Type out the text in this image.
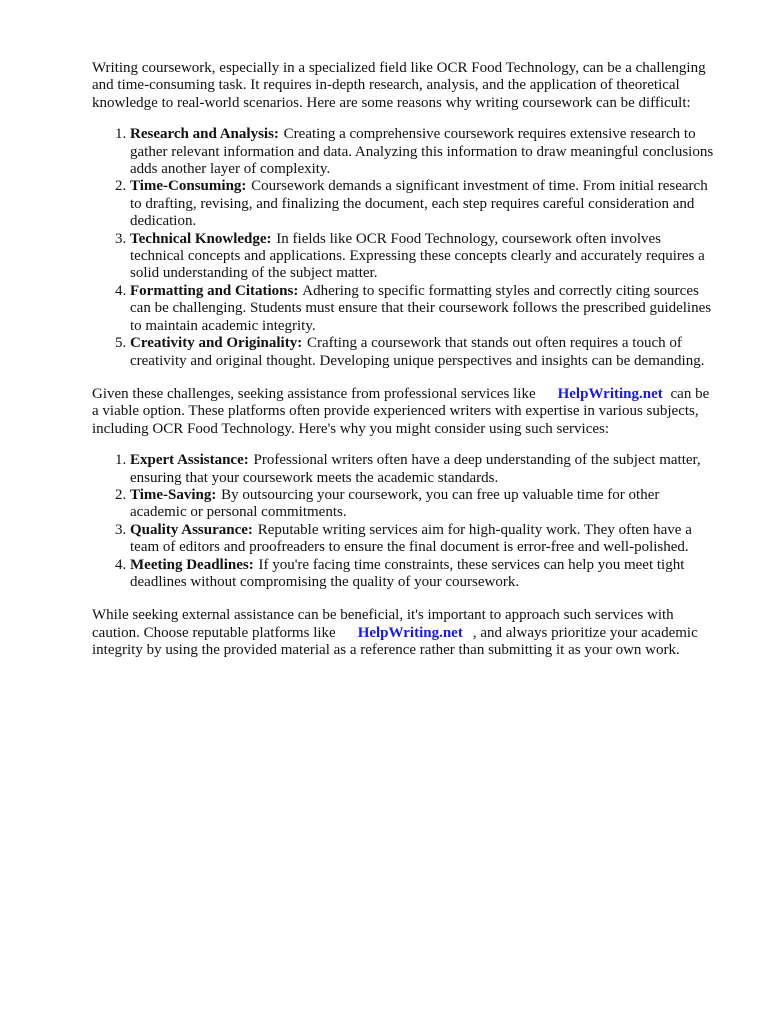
Writing coursework, especially in a specialized field like OCR Food Technology, can be a challenging and time-consuming task. It requires in-depth research, analysis, and the application of theoretical knowledge to real-world scenarios. Here are some reasons why writing coursework can be difficult:

1. Research and Analysis: Creating a comprehensive coursework requires extensive research to gather relevant information and data. Analyzing this information to draw meaningful conclusions adds another layer of complexity.
2. Time-Consuming: Coursework demands a significant investment of time. From initial research to drafting, revising, and finalizing the document, each step requires careful consideration and dedication.
3. Technical Knowledge: In fields like OCR Food Technology, coursework often involves technical concepts and applications. Expressing these concepts clearly and accurately requires a solid understanding of the subject matter.
4. Formatting and Citations: Adhering to specific formatting styles and correctly citing sources can be challenging. Students must ensure that their coursework follows the prescribed guidelines to maintain academic integrity.
5. Creativity and Originality: Crafting a coursework that stands out often requires a touch of creativity and original thought. Developing unique perspectives and insights can be demanding.

Given these challenges, seeking assistance from professional services like HelpWriting.net can be a viable option. These platforms often provide experienced writers with expertise in various subjects, including OCR Food Technology. Here's why you might consider using such services:

1. Expert Assistance: Professional writers often have a deep understanding of the subject matter, ensuring that your coursework meets the academic standards.
2. Time-Saving: By outsourcing your coursework, you can free up valuable time for other academic or personal commitments.
3. Quality Assurance: Reputable writing services aim for high-quality work. They often have a team of editors and proofreaders to ensure the final document is error-free and well-polished.
4. Meeting Deadlines: If you're facing time constraints, these services can help you meet tight deadlines without compromising the quality of your coursework.

While seeking external assistance can be beneficial, it's important to approach such services with caution. Choose reputable platforms like HelpWriting.net , and always prioritize your academic integrity by using the provided material as a reference rather than submitting it as your own work.
